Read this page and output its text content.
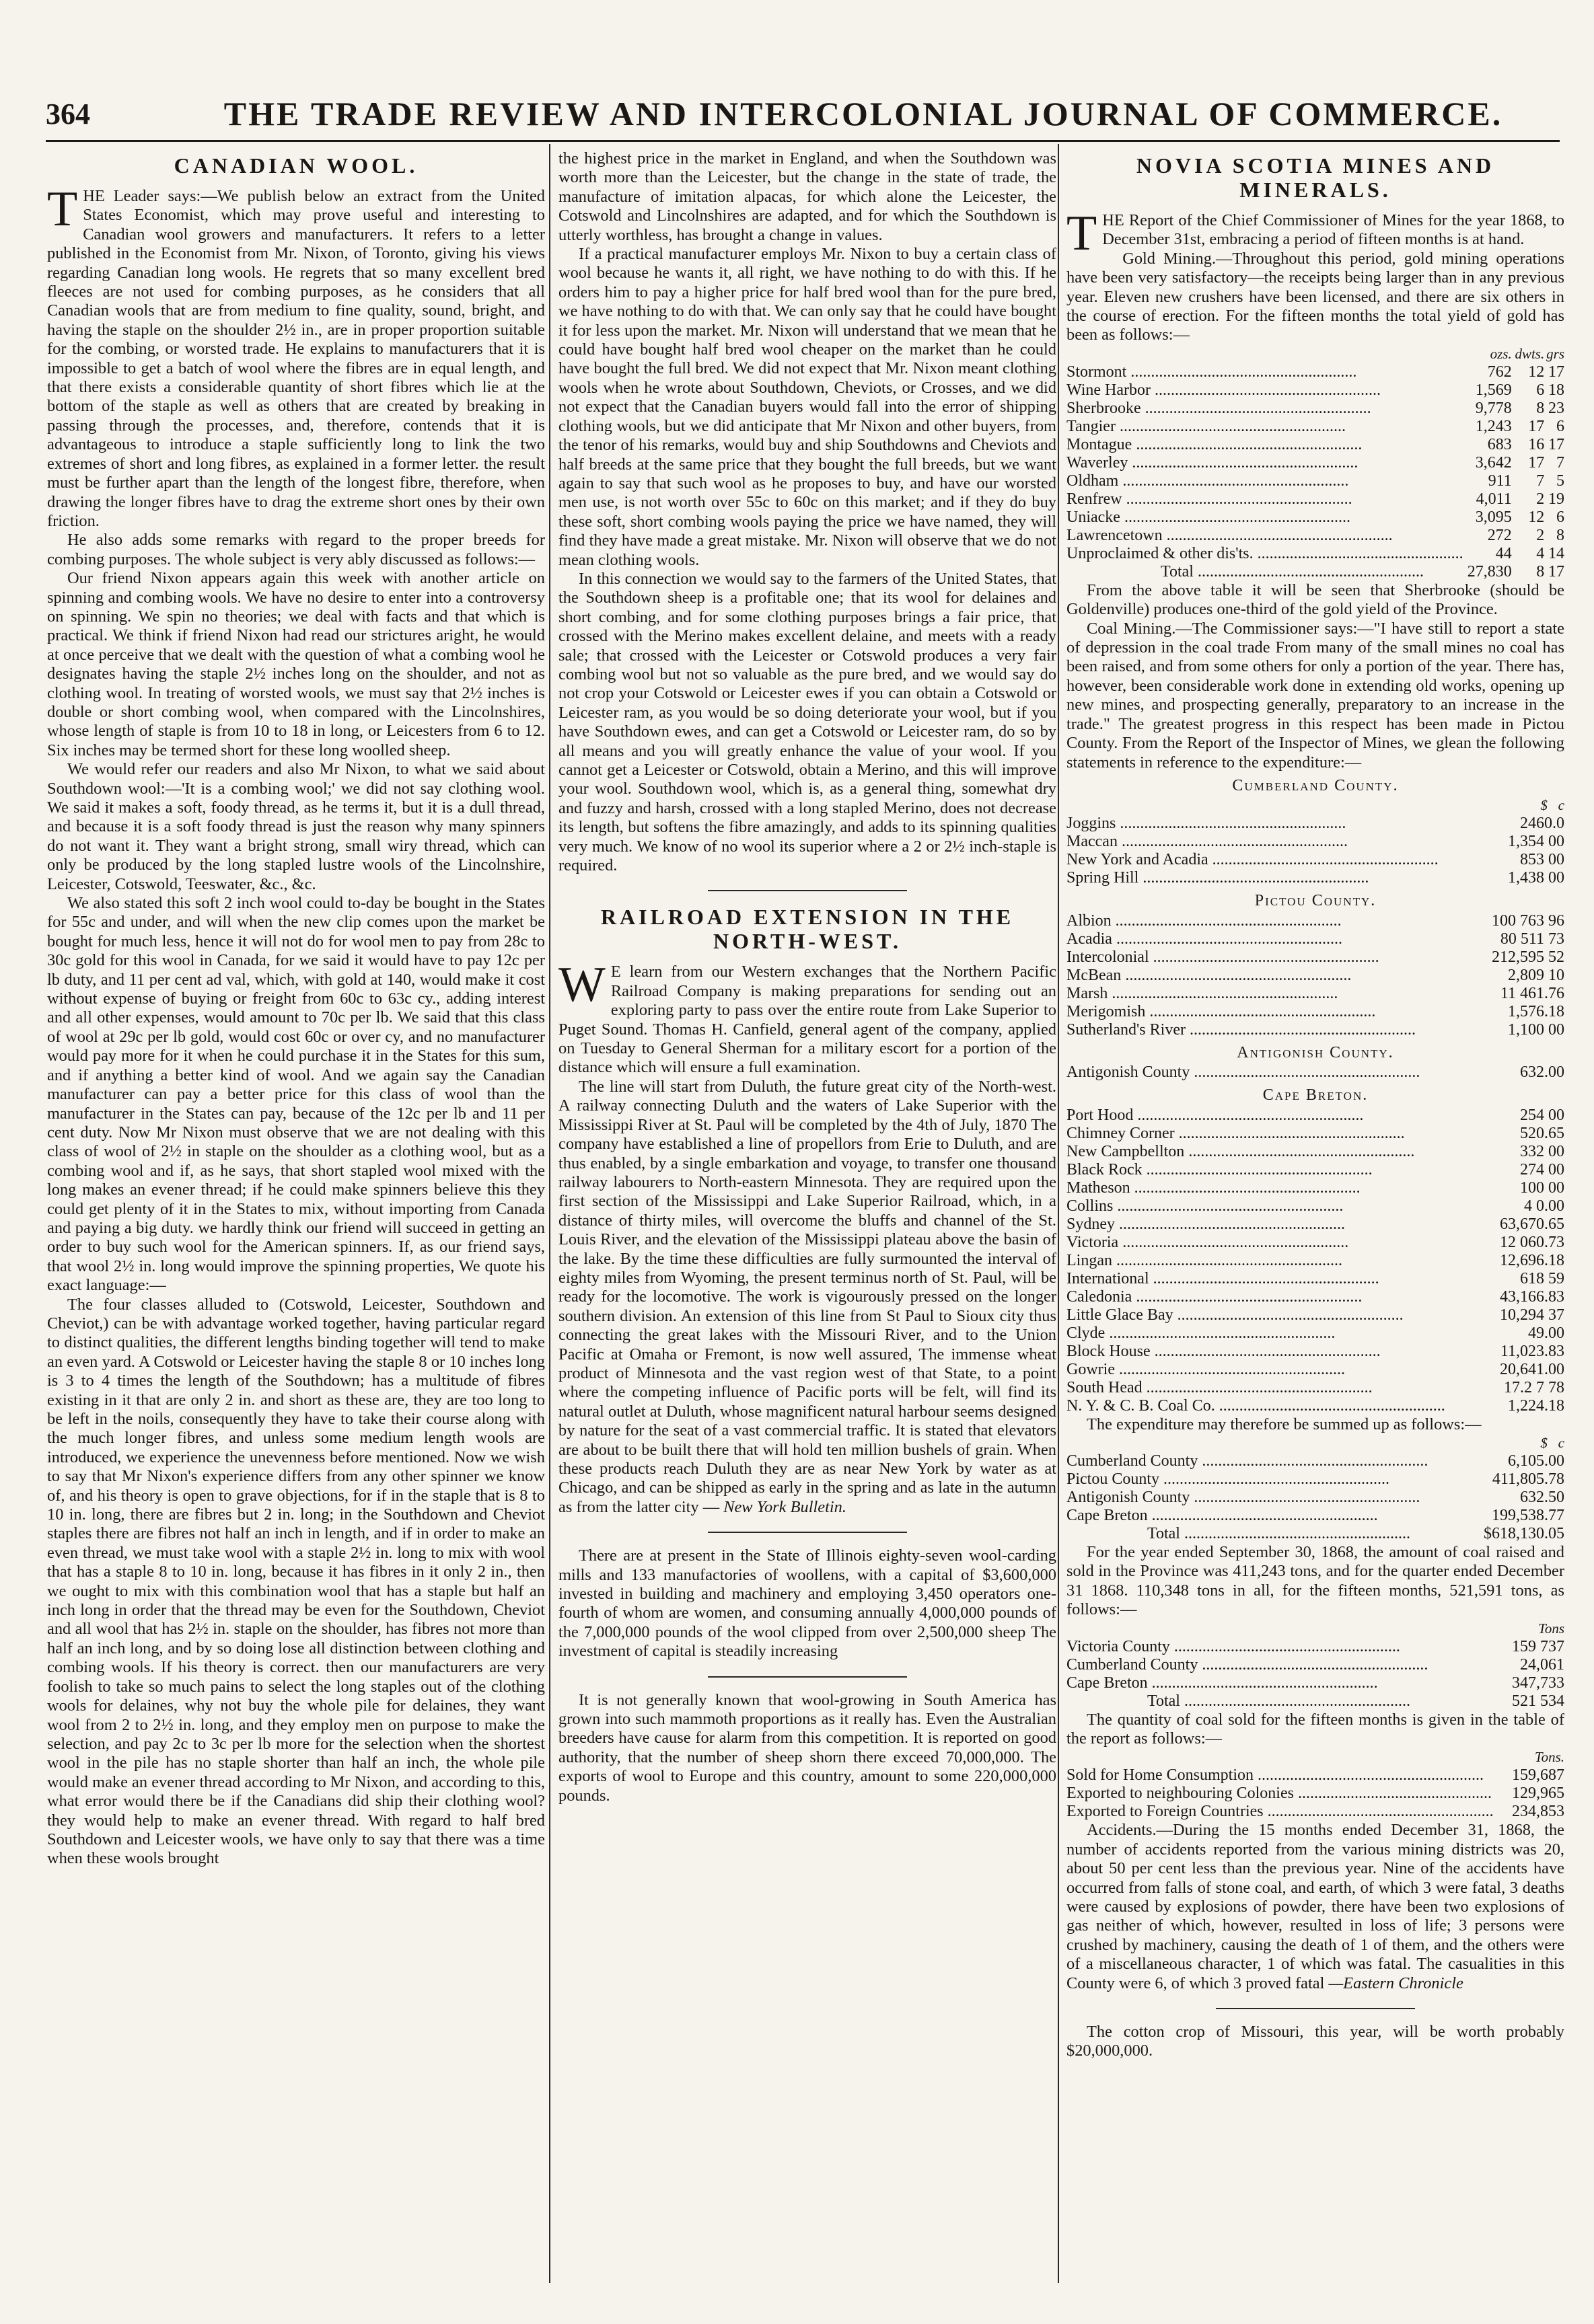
364	THE TRADE REVIEW AND INTERCOLONIAL JOURNAL OF COMMERCE.
CANADIAN WOOL.

THE Leader says:—We publish below an extract from the United States Economist, which may prove useful and interesting to Canadian wool growers and manufacturers. It refers to a letter published in the Economist from Mr. Nixon, of Toronto, giving his views regarding Canadian long wools. He regrets that so many excellent bred fleeces are not used for combing purposes, as he considers that all Canadian wools that are from medium to fine quality, sound, bright, and having the staple on the shoulder 2½ in., are in proper proportion suitable for the combing, or worsted trade. He explains to manufacturers that it is impossible to get a batch of wool where the fibres are in equal length, and that there exists a considerable quantity of short fibres which lie at the bottom of the staple as well as others that are created by breaking in passing through the processes, and, therefore, contends that it is advantageous to introduce a staple sufficiently long to link the two extremes of short and long fibres, as explained in a former letter. the result must be further apart than the length of the longest fibre, therefore, when drawing the longer fibres have to drag the extreme short ones by their own friction.

He also adds some remarks with regard to the proper breeds for combing purposes. The whole subject is very ably discussed as follows:—

Our friend Nixon appears again this week with another article on spinning and combing wools. We have no desire to enter into a controversy on spinning. We spin no theories; we deal with facts and that which is practical. We think if friend Nixon had read our strictures aright, he would at once perceive that we dealt with the question of what a combing wool he designates having the staple 2½ inches long on the shoulder, and not as clothing wool. In treating of worsted wools, we must say that 2½ inches is double or short combing wool, when compared with the Lincolnshires, whose length of staple is from 10 to 18 in long, or Leicesters from 6 to 12. Six inches may be termed short for these long woolled sheep.

We would refer our readers and also Mr Nixon, to what we said about Southdown wool:—'It is a combing wool;' we did not say clothing wool. We said it makes a soft, foody thread, as he terms it, but it is a dull thread, and because it is a soft foody thread is just the reason why many spinners do not want it. They want a bright strong, small wiry thread, which can only be produced by the long stapled lustre wools of the Lincolnshire, Leicester, Cotswold, Teeswater, &c., &c.

We also stated this soft 2 inch wool could to-day be bought in the States for 55c and under, and will when the new clip comes upon the market be bought for much less, hence it will not do for wool men to pay from 28c to 30c gold for this wool in Canada, for we said it would have to pay 12c per lb duty, and 11 per cent ad val, which, with gold at 140, would make it cost without expense of buying or freight from 60c to 63c cy., adding interest and all other expenses, would amount to 70c per lb. We said that this class of wool at 29c per lb gold, would cost 60c or over cy, and no manufacturer would pay more for it when he could purchase it in the States for this sum, and if anything a better kind of wool. And we again say the Canadian manufacturer can pay a better price for this class of wool than the manufacturer in the States can pay, because of the 12c per lb and 11 per cent duty. Now Mr Nixon must observe that we are not dealing with this class of wool of 2½ in staple on the shoulder as a clothing wool, but as a combing wool and if, as he says, that short stapled wool mixed with the long makes an evener thread; if he could make spinners believe this they could get plenty of it in the States to mix, without importing from Canada and paying a big duty. we hardly think our friend will succeed in getting an order to buy such wool for the American spinners. If, as our friend says, that wool 2½ in. long would improve the spinning properties, We quote his exact language:—

The four classes alluded to (Cotswold, Leicester, Southdown and Cheviot,) can be with advantage worked together, having particular regard to distinct qualities, the different lengths binding together will tend to make an even yard. A Cotswold or Leicester having the staple 8 or 10 inches long is 3 to 4 times the length of the Southdown; has a multitude of fibres existing in it that are only 2 in. and short as these are, they are too long to be left in the noils, consequently they have to take their course along with the much longer fibres, and unless some medium length wools are introduced, we experience the unevenness before mentioned. Now we wish to say that Mr Nixon's experience differs from any other spinner we know of, and his theory is open to grave objections, for if in the staple that is 8 to 10 in. long, there are fibres but 2 in. long; in the Southdown and Cheviot staples there are fibres not half an inch in length, and if in order to make an even thread, we must take wool with a staple 2½ in. long to mix with wool that has a staple 8 to 10 in. long, because it has fibres in it only 2 in., then we ought to mix with this combination wool that has a staple but half an inch long in order that the thread may be even for the Southdown, Cheviot and all wool that has 2½ in. staple on the shoulder, has fibres not more than half an inch long, and by so doing lose all distinction between clothing and combing wools. If his theory is correct. then our manufacturers are very foolish to take so much pains to select the long staples out of the clothing wools for delaines, why not buy the whole pile for delaines, they want wool from 2 to 2½ in. long, and they employ men on purpose to make the selection, and pay 2c to 3c per lb more for the selection when the shortest wool in the pile has no staple shorter than half an inch, the whole pile would make an evener thread according to Mr Nixon, and according to this, what error would there be if the Canadians did ship their clothing wool? they would help to make an evener thread. With regard to half bred Southdown and Leicester wools, we have only to say that there was a time when these wools brought

the highest price in the market in England, and when the Southdown was worth more than the Leicester, but the change in the state of trade, the manufacture of imitation alpacas, for which alone the Leicester, the Cotswold and Lincolnshires are adapted, and for which the Southdown is utterly worthless, has brought a change in values.

If a practical manufacturer employs Mr. Nixon to buy a certain class of wool because he wants it, all right, we have nothing to do with this. If he orders him to pay a higher price for half bred wool than for the pure bred, we have nothing to do with that. We can only say that he could have bought it for less upon the market. Mr. Nixon will understand that we mean that he could have bought half bred wool cheaper on the market than he could have bought the full bred. We did not expect that Mr. Nixon meant clothing wools when he wrote about Southdown, Cheviots, or Crosses, and we did not expect that the Canadian buyers would fall into the error of shipping clothing wools, but we did anticipate that Mr Nixon and other buyers, from the tenor of his remarks, would buy and ship Southdowns and Cheviots and half breeds at the same price that they bought the full breeds, but we want again to say that such wool as he proposes to buy, and have our worsted men use, is not worth over 55c to 60c on this market; and if they do buy these soft, short combing wools paying the price we have named, they will find they have made a great mistake. Mr. Nixon will observe that we do not mean clothing wools.

In this connection we would say to the farmers of the United States, that the Southdown sheep is a profitable one; that its wool for delaines and short combing, and for some clothing purposes brings a fair price, that crossed with the Merino makes excellent delaine, and meets with a ready sale; that crossed with the Leicester or Cotswold produces a very fair combing wool but not so valuable as the pure bred, and we would say do not crop your Cotswold or Leicester ewes if you can obtain a Cotswold or Leicester ram, as you would be so doing deteriorate your wool, but if you have Southdown ewes, and can get a Cotswold or Leicester ram, do so by all means and you will greatly enhance the value of your wool. If you cannot get a Leicester or Cotswold, obtain a Merino, and this will improve your wool. Southdown wool, which is, as a general thing, somewhat dry and fuzzy and harsh, crossed with a long stapled Merino, does not decrease its length, but softens the fibre amazingly, and adds to its spinning qualities very much. We know of no wool its superior where a 2 or 2½ inch-staple is required.

RAILROAD EXTENSION IN THE NORTH-WEST.

W E learn from our Western exchanges that the Northern Pacific Railroad Company is making preparations for sending out an exploring party to pass over the entire route from Lake Superior to Puget Sound. Thomas H. Canfield, general agent of the company, applied on Tuesday to General Sherman for a military escort for a portion of the distance which will ensure a full examination.

The line will start from Duluth, the future great city of the North-west. A railway connecting Duluth and the waters of Lake Superior with the Mississippi River at St. Paul will be completed by the 4th of July, 1870 The company have established a line of propellors from Erie to Duluth, and are thus enabled, by a single embarkation and voyage, to transfer one thousand railway labourers to North-eastern Minnesota. They are required upon the first section of the Mississippi and Lake Superior Railroad, which, in a distance of thirty miles, will overcome the bluffs and channel of the St. Louis River, and the elevation of the Mississippi plateau above the basin of the lake. By the time these difficulties are fully surmounted the interval of eighty miles from Wyoming, the present terminus north of St. Paul, will be ready for the locomotive. The work is vigourously pressed on the longer southern division. An extension of this line from St Paul to Sioux city thus connecting the great lakes with the Missouri River, and to the Union Pacific at Omaha or Fremont, is now well assured, The immense wheat product of Minnesota and the vast region west of that State, to a point where the competing influence of Pacific ports will be felt, will find its natural outlet at Duluth, whose magnificent natural harbour seems designed by nature for the seat of a vast commercial traffic. It is stated that elevators are about to be built there that will hold ten million bushels of grain. When these products reach Duluth they are as near New York by water as at Chicago, and can be shipped as early in the spring and as late in the autumn as from the latter city — New York Bulletin.

There are at present in the State of Illinois eighty-seven wool-carding mills and 133 manufactories of woollens, with a capital of $3,600,000 invested in building and machinery and employing 3,450 operators one-fourth of whom are women, and consuming annually 4,000,000 pounds of the 7,000,000 pounds of the wool clipped from over 2,500,000 sheep The investment of capital is steadily increasing

It is not generally known that wool-growing in South America has grown into such mammoth proportions as it really has. Even the Australian breeders have cause for alarm from this competition. It is reported on good authority, that the number of sheep shorn there exceed 70,000,000. The exports of wool to Europe and this country, amount to some 220,000,000 pounds.

NOVIA SCOTIA MINES AND MINERALS.

THE Report of the Chief Commissioner of Mines for the year 1868, to December 31st, embracing a period of fifteen months is at hand.

Gold Mining.—Throughout this period, gold mining operations have been very satisfactory—the receipts being larger than in any previous year. Eleven new crushers have been licensed, and there are six others in the course of erection. For the fifteen months the total yield of gold has been as follows:—

	ozs.	dwts.	grs
Stormont .....	762	12	17
Wine Harbor .....	1,569	6	18
Sherbrooke .....	9,778	8	23
Tangier .....	1,243	17	6
Montague .....	683	16	17
Waverley .....	3,642	17	7
Oldham .....	911	7	5
Renfrew .....	4,011	2	19
Uniacke .....	3,095	12	6
Lawrencetown .....	272	2	8
Unproclaimed & other dis'ts. .....	44	4	14
Total .....	27,830	8	17

From the above table it will be seen that Sherbrooke (should be Goldenville) produces one-third of the gold yield of the Province.

Coal Mining.—The Commissioner says:—"I have still to report a state of depression in the coal trade From many of the small mines no coal has been raised, and from some others for only a portion of the year. There has, however, been considerable work done in extending old works, opening up new mines, and prospecting generally, preparatory to an increase in the trade." The greatest progress in this respect has been made in Pictou County. From the Report of the Inspector of Mines, we glean the following statements in reference to the expenditure:—

Cumberland County.
	$ c
Joggins .....	2460.0
Maccan .....	1,354 00
New York and Acadia .....	853 00
Spring Hill .....	1,438 00
Pictou County.
Albion .....	100 763 96
Acadia .....	80 511 73
Intercolonial .....	212,595 52
McBean .....	2,809 10
Marsh .....	11 461.76
Merigomish .....	1,576.18
Sutherland's River .....	1,100 00
Antigonish County.
Antigonish County .....	632.00
Cape Breton.
Port Hood .....	254 00
Chimney Corner .....	520.65
New Campbellton .....	332 00
Black Rock .....	274 00
Matheson .....	100 00
Collins .....	4 0.00
Sydney .....	63,670.65
Victoria .....	12 060.73
Lingan .....	12,696.18
International .....	618 59
Caledonia .....	43,166.83
Little Glace Bay .....	10,294 37
Clyde .....	49.00
Block House .....	11,023.83
Gowrie .....	20,641.00
South Head .....	17.2 7 78
N. Y. & C. B. Coal Co. .....	1,224.18

The expenditure may therefore be summed up as follows:—

	$ c
Cumberland County .....	6,105.00
Pictou County .....	411,805.78
Antigonish County .....	632.50
Cape Breton .....	199,538.77
Total .....	$618,130.05

For the year ended September 30, 1868, the amount of coal raised and sold in the Province was 411,243 tons, and for the quarter ended December 31 1868. 110,348 tons in all, for the fifteen months, 521,591 tons, as follows:—

	Tons
Victoria County .....	159 737
Cumberland County .....	24,061
Cape Breton .....	347,733
Total .....	521 534

The quantity of coal sold for the fifteen months is given in the table of the report as follows:—

	Tons.
Sold for Home Consumption .....	159,687
Exported to neighbouring Colonies .....	129,965
Exported to Foreign Countries .....	234,853

Accidents.—During the 15 months ended December 31, 1868, the number of accidents reported from the various mining districts was 20, about 50 per cent less than the previous year. Nine of the accidents have occurred from falls of stone coal, and earth, of which 3 were fatal, 3 deaths were caused by explosions of powder, there have been two explosions of gas neither of which, however, resulted in loss of life; 3 persons were crushed by machinery, causing the death of 1 of them, and the others were of a miscellaneous character, 1 of which was fatal. The casualities in this County were 6, of which 3 proved fatal —Eastern Chronicle

The cotton crop of Missouri, this year, will be worth probably $20,000,000.
